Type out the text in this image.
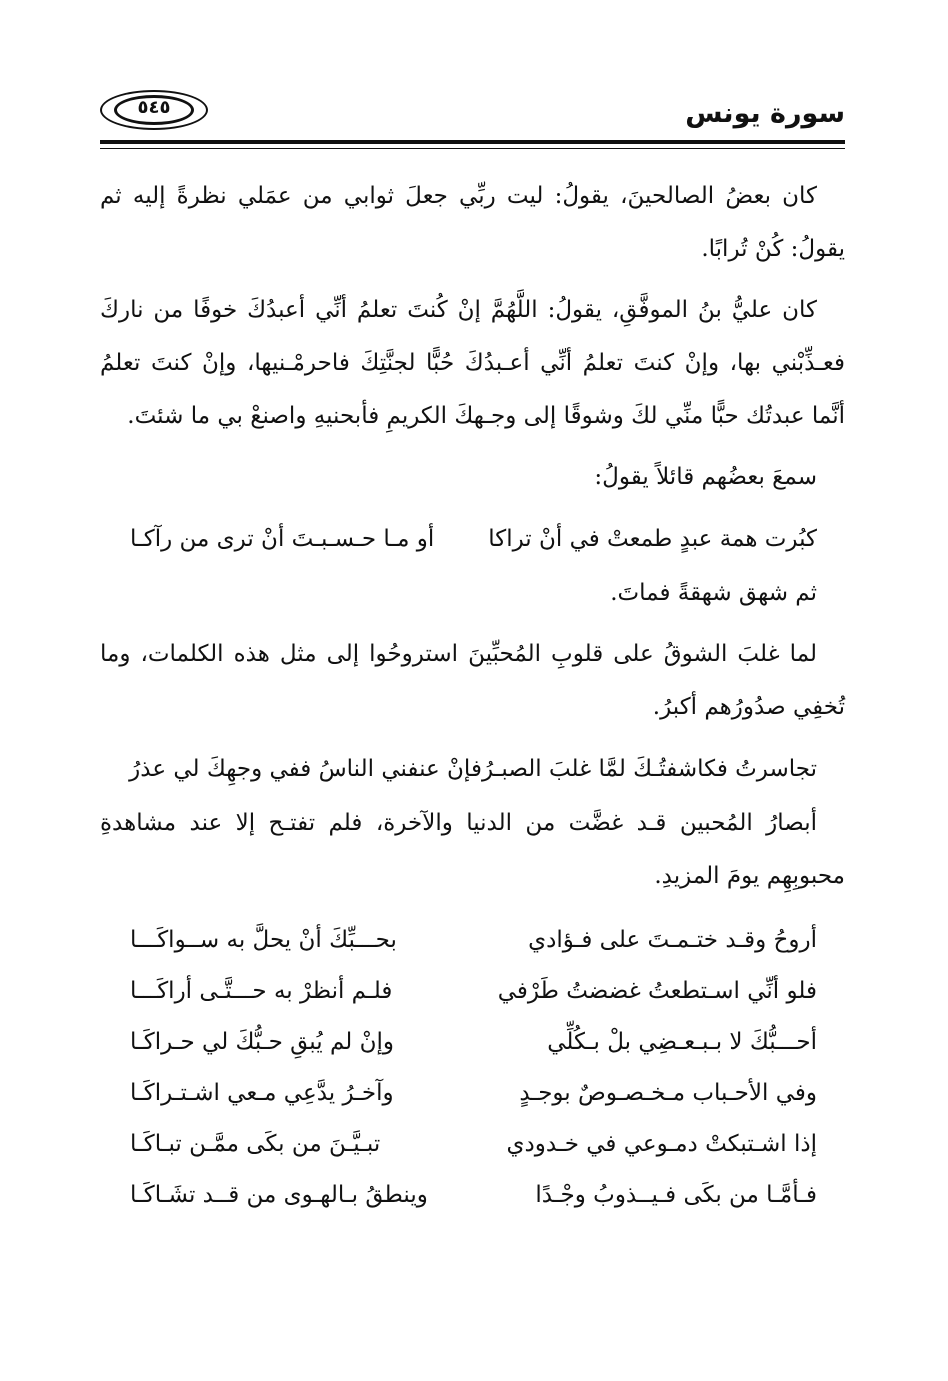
سورة يونس
٥٤٥

كان بعضُ الصالحينَ، يقولُ: ليت ربِّي جعلَ ثوابي من عمَلي نظرةً إليه ثم يقولُ: كُنْ تُرابًا.

كان عليُّ بنُ الموفَّقِ، يقولُ: اللَّهُمَّ إنْ كُنتَ تعلمُ أنِّي أعبدُكَ خوفًا من ناركَ فعـذِّبْني بها، وإنْ كنتَ تعلمُ أنِّي أعـبدُكَ حُبًّا لجنَّتِكَ فاحرمْـنيها، وإنْ كنتَ تعلمُ أنَّما عبدتُك حبًّا منِّي لكَ وشوقًا إلى وجـهكَ الكريمِ فأبحنيهِ واصنعْ بي ما شئتَ.

سمعَ بعضُهم قائلاً يقولُ:

كبُرت همة عبدٍ طمعتْ في أنْ تراكا
أو مـا حـسـبـتَ أنْ ترى من رآكـا

ثم شهق شهقةً فماتَ.

لما غلبَ الشوقُ على قلوبِ المُحبِّينَ استروحُوا إلى مثل هذه الكلمات، وما تُخفِي صدُورُهم أكبرُ.

تجاسرتُ فكاشفتُـكَ لمَّا غلبَ الصبـرُ
فإنْ عنفني الناسُ ففي وجهِكَ لي عذرُ

أبصارُ المُحبين قـد غضَّت من الدنيا والآخرة، فلم تفتـح إلا عند مشاهدةِ محبوبِهِم يومَ المزيدِ.

أروحُ وقـد ختـمـتَ على فـؤادي
بحـــبِّكَ أنْ يحلَّ به ســواكَـــا
فلو أنِّي اسـتطعتُ غضضتُ طَرْفي
فلـم أنظرْ به حـــتَّـى أراكَـــا
أحـــبُّكَ لا بـبـعـضِي بلْ بـكُلِّي
وإنْ لم يُبقِ حـبُّكَ لي حـراكَـا
وفي الأحـباب مـخـصـوصٌ بوجـدٍ
وآخـرُ يدَّعِي مـعي اشـتـراكَـا
إذا اشـتبكتْ دمـوعي في خـدودي
تبـيَّـنَ من بكَى ممَّـن تبـاكَـا
فـأمَّـا من بكَى فـيــذوبُ وجْـدًا
وينطقُ بـالهـوى من قــد تشَـاكَـا
